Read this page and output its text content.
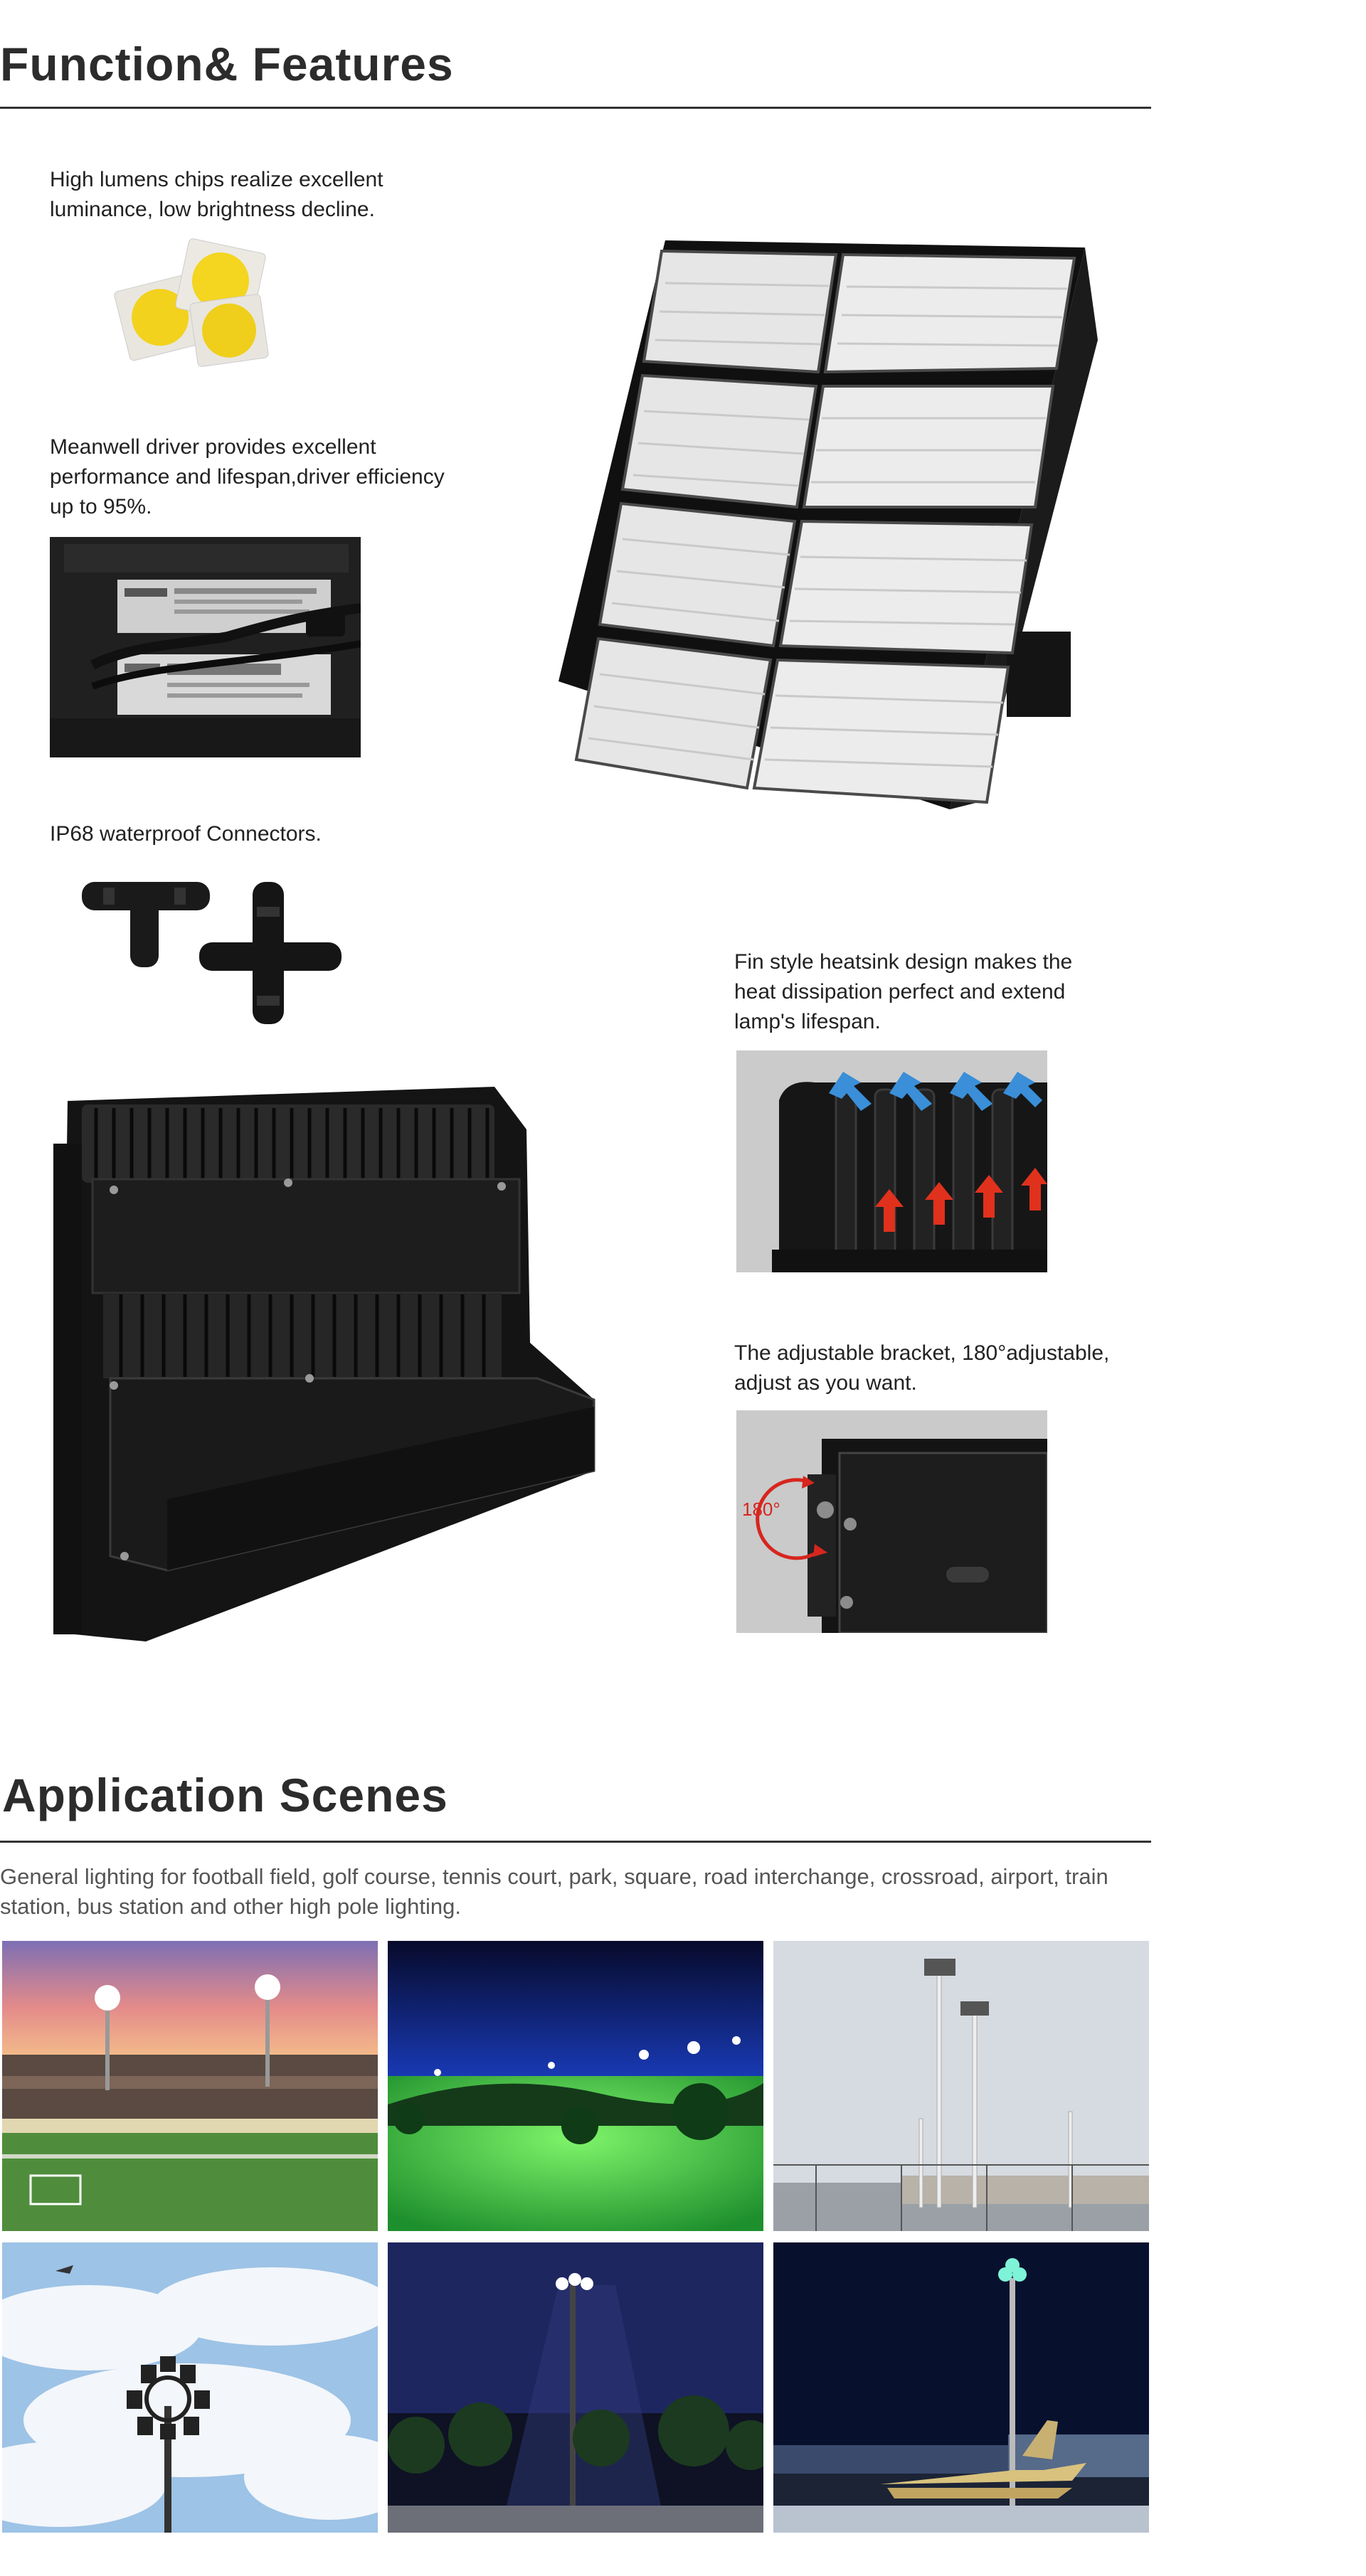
Function& Features
High lumens chips realize excellent luminance, low brightness decline.
Meanwell driver provides excellent performance and lifespan,driver efficiency up to 95%.
IP68 waterproof Connectors.
Fin style heatsink design makes the heat dissipation perfect and extend lamp's lifespan.
The adjustable bracket, 180°adjustable, adjust as you want.
180°
Application Scenes
General lighting for football field, golf course, tennis court, park, square, road interchange, crossroad, airport, train station, bus station and other high pole lighting.
